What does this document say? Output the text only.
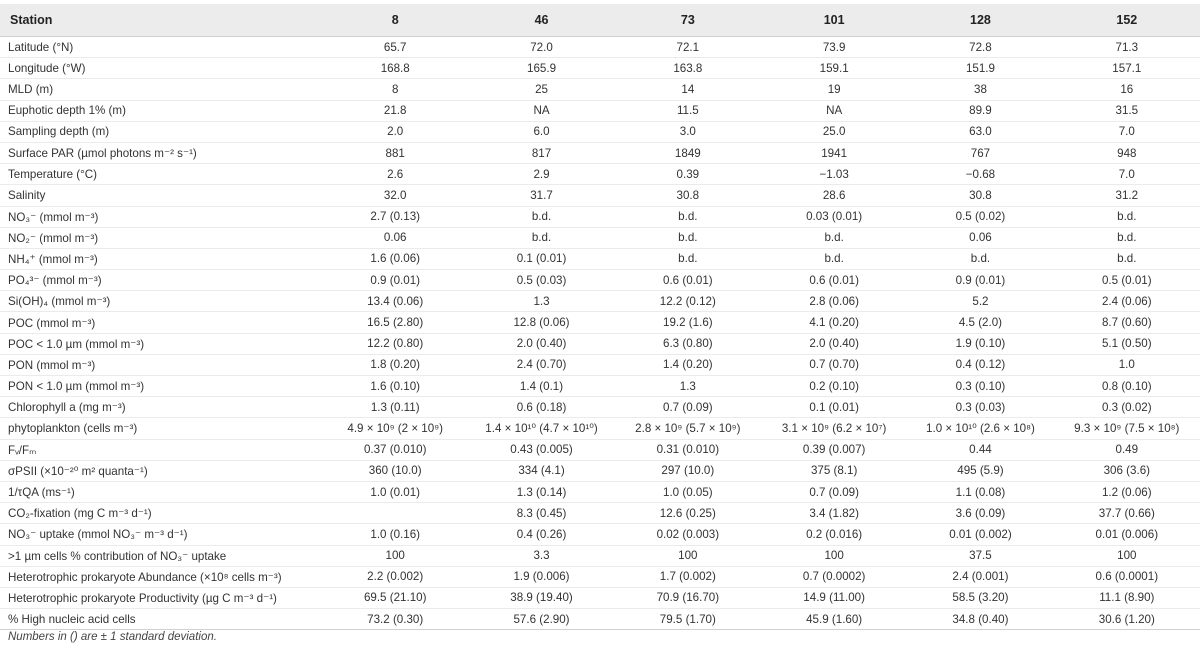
Station	8	46	73	101	128	152
Latitude (°N)	65.7	72.0	72.1	73.9	72.8	71.3
Longitude (°W)	168.8	165.9	163.8	159.1	151.9	157.1
MLD (m)	8	25	14	19	38	16
Euphotic depth 1% (m)	21.8	NA	11.5	NA	89.9	31.5
Sampling depth (m)	2.0	6.0	3.0	25.0	63.0	7.0
Surface PAR (µmol photons m⁻² s⁻¹)	881	817	1849	1941	767	948
Temperature (°C)	2.6	2.9	0.39	−1.03	−0.68	7.0
Salinity	32.0	31.7	30.8	28.6	30.8	31.2
NO₃⁻ (mmol m⁻³)	2.7 (0.13)	b.d.	b.d.	0.03 (0.01)	0.5 (0.02)	b.d.
NO₂⁻ (mmol m⁻³)	0.06	b.d.	b.d.	b.d.	0.06	b.d.
NH₄⁺ (mmol m⁻³)	1.6 (0.06)	0.1 (0.01)	b.d.	b.d.	b.d.	b.d.
PO₄³⁻ (mmol m⁻³)	0.9 (0.01)	0.5 (0.03)	0.6 (0.01)	0.6 (0.01)	0.9 (0.01)	0.5 (0.01)
Si(OH)₄ (mmol m⁻³)	13.4 (0.06)	1.3	12.2 (0.12)	2.8 (0.06)	5.2	2.4 (0.06)
POC (mmol m⁻³)	16.5 (2.80)	12.8 (0.06)	19.2 (1.6)	4.1 (0.20)	4.5 (2.0)	8.7 (0.60)
POC < 1.0 µm (mmol m⁻³)	12.2 (0.80)	2.0 (0.40)	6.3 (0.80)	2.0 (0.40)	1.9 (0.10)	5.1 (0.50)
PON (mmol m⁻³)	1.8 (0.20)	2.4 (0.70)	1.4 (0.20)	0.7 (0.70)	0.4 (0.12)	1.0
PON < 1.0 µm (mmol m⁻³)	1.6 (0.10)	1.4 (0.1)	1.3	0.2 (0.10)	0.3 (0.10)	0.8 (0.10)
Chlorophyll a (mg m⁻³)	1.3 (0.11)	0.6 (0.18)	0.7 (0.09)	0.1 (0.01)	0.3 (0.03)	0.3 (0.02)
phytoplankton (cells m⁻³)	4.9 × 10⁹ (2 × 10⁹)	1.4 × 10¹⁰ (4.7 × 10¹⁰)	2.8 × 10⁹ (5.7 × 10⁹)	3.1 × 10⁹ (6.2 × 10⁷)	1.0 × 10¹⁰ (2.6 × 10⁸)	9.3 × 10⁹ (7.5 × 10⁸)
Fᵥ/Fₘ	0.37 (0.010)	0.43 (0.005)	0.31 (0.010)	0.39 (0.007)	0.44	0.49
σPSII (×10⁻²⁰ m² quanta⁻¹)	360 (10.0)	334 (4.1)	297 (10.0)	375 (8.1)	495 (5.9)	306 (3.6)
1/τQA (ms⁻¹)	1.0 (0.01)	1.3 (0.14)	1.0 (0.05)	0.7 (0.09)	1.1 (0.08)	1.2 (0.06)
CO₂-fixation (mg C m⁻³ d⁻¹)		8.3 (0.45)	12.6 (0.25)	3.4 (1.82)	3.6 (0.09)	37.7 (0.66)
NO₃⁻ uptake (mmol NO₃⁻ m⁻³ d⁻¹)	1.0 (0.16)	0.4 (0.26)	0.02 (0.003)	0.2 (0.016)	0.01 (0.002)	0.01 (0.006)
>1 µm cells % contribution of NO₃⁻ uptake	100	3.3	100	100	37.5	100
Heterotrophic prokaryote Abundance (×10⁸ cells m⁻³)	2.2 (0.002)	1.9 (0.006)	1.7 (0.002)	0.7 (0.0002)	2.4 (0.001)	0.6 (0.0001)
Heterotrophic prokaryote Productivity (µg C m⁻³ d⁻¹)	69.5 (21.10)	38.9 (19.40)	70.9 (16.70)	14.9 (11.00)	58.5 (3.20)	11.1 (8.90)
% High nucleic acid cells	73.2 (0.30)	57.6 (2.90)	79.5 (1.70)	45.9 (1.60)	34.8 (0.40)	30.6 (1.20)
Numbers in () are ± 1 standard deviation.
